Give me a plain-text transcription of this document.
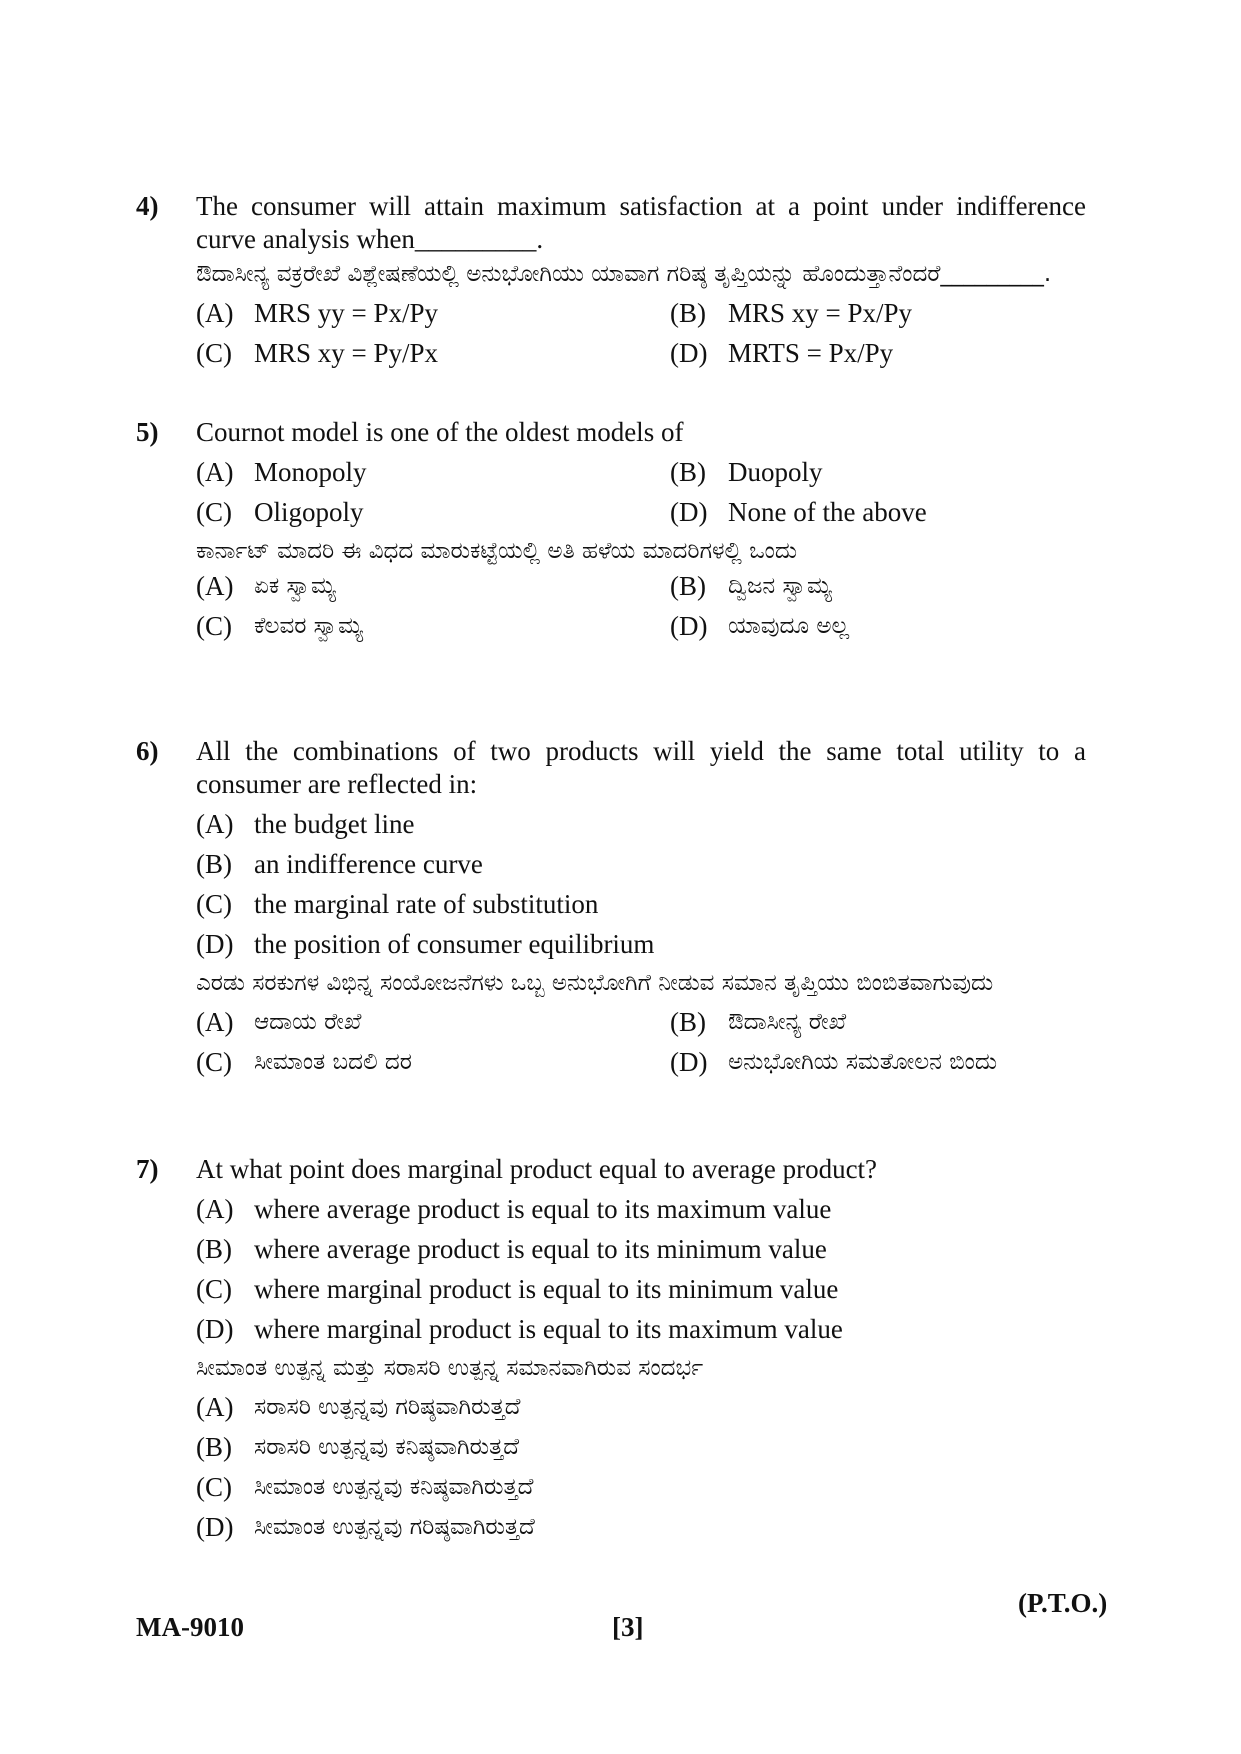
4) The consumer will attain maximum satisfaction at a point under indifference curve analysis when_________.
ಔದಾಸೀನ್ಯ ವಕ್ರರೇಖೆ ವಿಶ್ಲೇಷಣೆಯಲ್ಲಿ ಅನುಭೋಗಿಯು ಯಾವಾಗ ಗರಿಷ್ಠ ತೃಪ್ತಿಯನ್ನು ಹೊಂದುತ್ತಾನೆಂದರೆ_________.
(A) MRS yy = Px/Py	(B) MRS xy = Px/Py
(C) MRS xy = Py/Px	(D) MRTS = Px/Py
5) Cournot model is one of the oldest models of
(A) Monopoly	(B) Duopoly
(C) Oligopoly	(D) None of the above
ಕಾರ್ನಾಟ್ ಮಾದರಿ ಈ ವಿಧದ ಮಾರುಕಟ್ಟೆಯಲ್ಲಿ ಅತಿ ಹಳೆಯ ಮಾದರಿಗಳಲ್ಲಿ ಒಂದು
(A) ಏಕ ಸ್ವಾಮ್ಯ	(B) ದ್ವಿಜನ ಸ್ವಾಮ್ಯ
(C) ಕೆಲವರ ಸ್ವಾಮ್ಯ	(D) ಯಾವುದೂ ಅಲ್ಲ
6) All the combinations of two products will yield the same total utility to a consumer are reflected in:
(A) the budget line
(B) an indifference curve
(C) the marginal rate of substitution
(D) the position of consumer equilibrium
ಎರಡು ಸರಕುಗಳ ವಿಭಿನ್ನ ಸಂಯೋಜನೆಗಳು ಒಬ್ಬ ಅನುಭೋಗಿಗೆ ನೀಡುವ ಸಮಾನ ತೃಪ್ತಿಯು ಬಿಂಬಿತವಾಗುವುದು
(A) ಆದಾಯ ರೇಖೆ	(B) ಔದಾಸೀನ್ಯ ರೇಖೆ
(C) ಸೀಮಾಂತ ಬದಲಿ ದರ	(D) ಅನುಭೋಗಿಯ ಸಮತೋಲನ ಬಿಂದು
7) At what point does marginal product equal to average product?
(A) where average product is equal to its maximum value
(B) where average product is equal to its minimum value
(C) where marginal product is equal to its minimum value
(D) where marginal product is equal to its maximum value
ಸೀಮಾಂತ ಉತ್ಪನ್ನ ಮತ್ತು ಸರಾಸರಿ ಉತ್ಪನ್ನ ಸಮಾನವಾಗಿರುವ ಸಂದರ್ಭ
(A) ಸರಾಸರಿ ಉತ್ಪನ್ನವು ಗರಿಷ್ಠವಾಗಿರುತ್ತದೆ
(B) ಸರಾಸರಿ ಉತ್ಪನ್ನವು ಕನಿಷ್ಠವಾಗಿರುತ್ತದೆ
(C) ಸೀಮಾಂತ ಉತ್ಪನ್ನವು ಕನಿಷ್ಠವಾಗಿರುತ್ತದೆ
(D) ಸೀಮಾಂತ ಉತ್ಪನ್ನವು ಗರಿಷ್ಠವಾಗಿರುತ್ತದೆ
(P.T.O.)
MA-9010	[3]
